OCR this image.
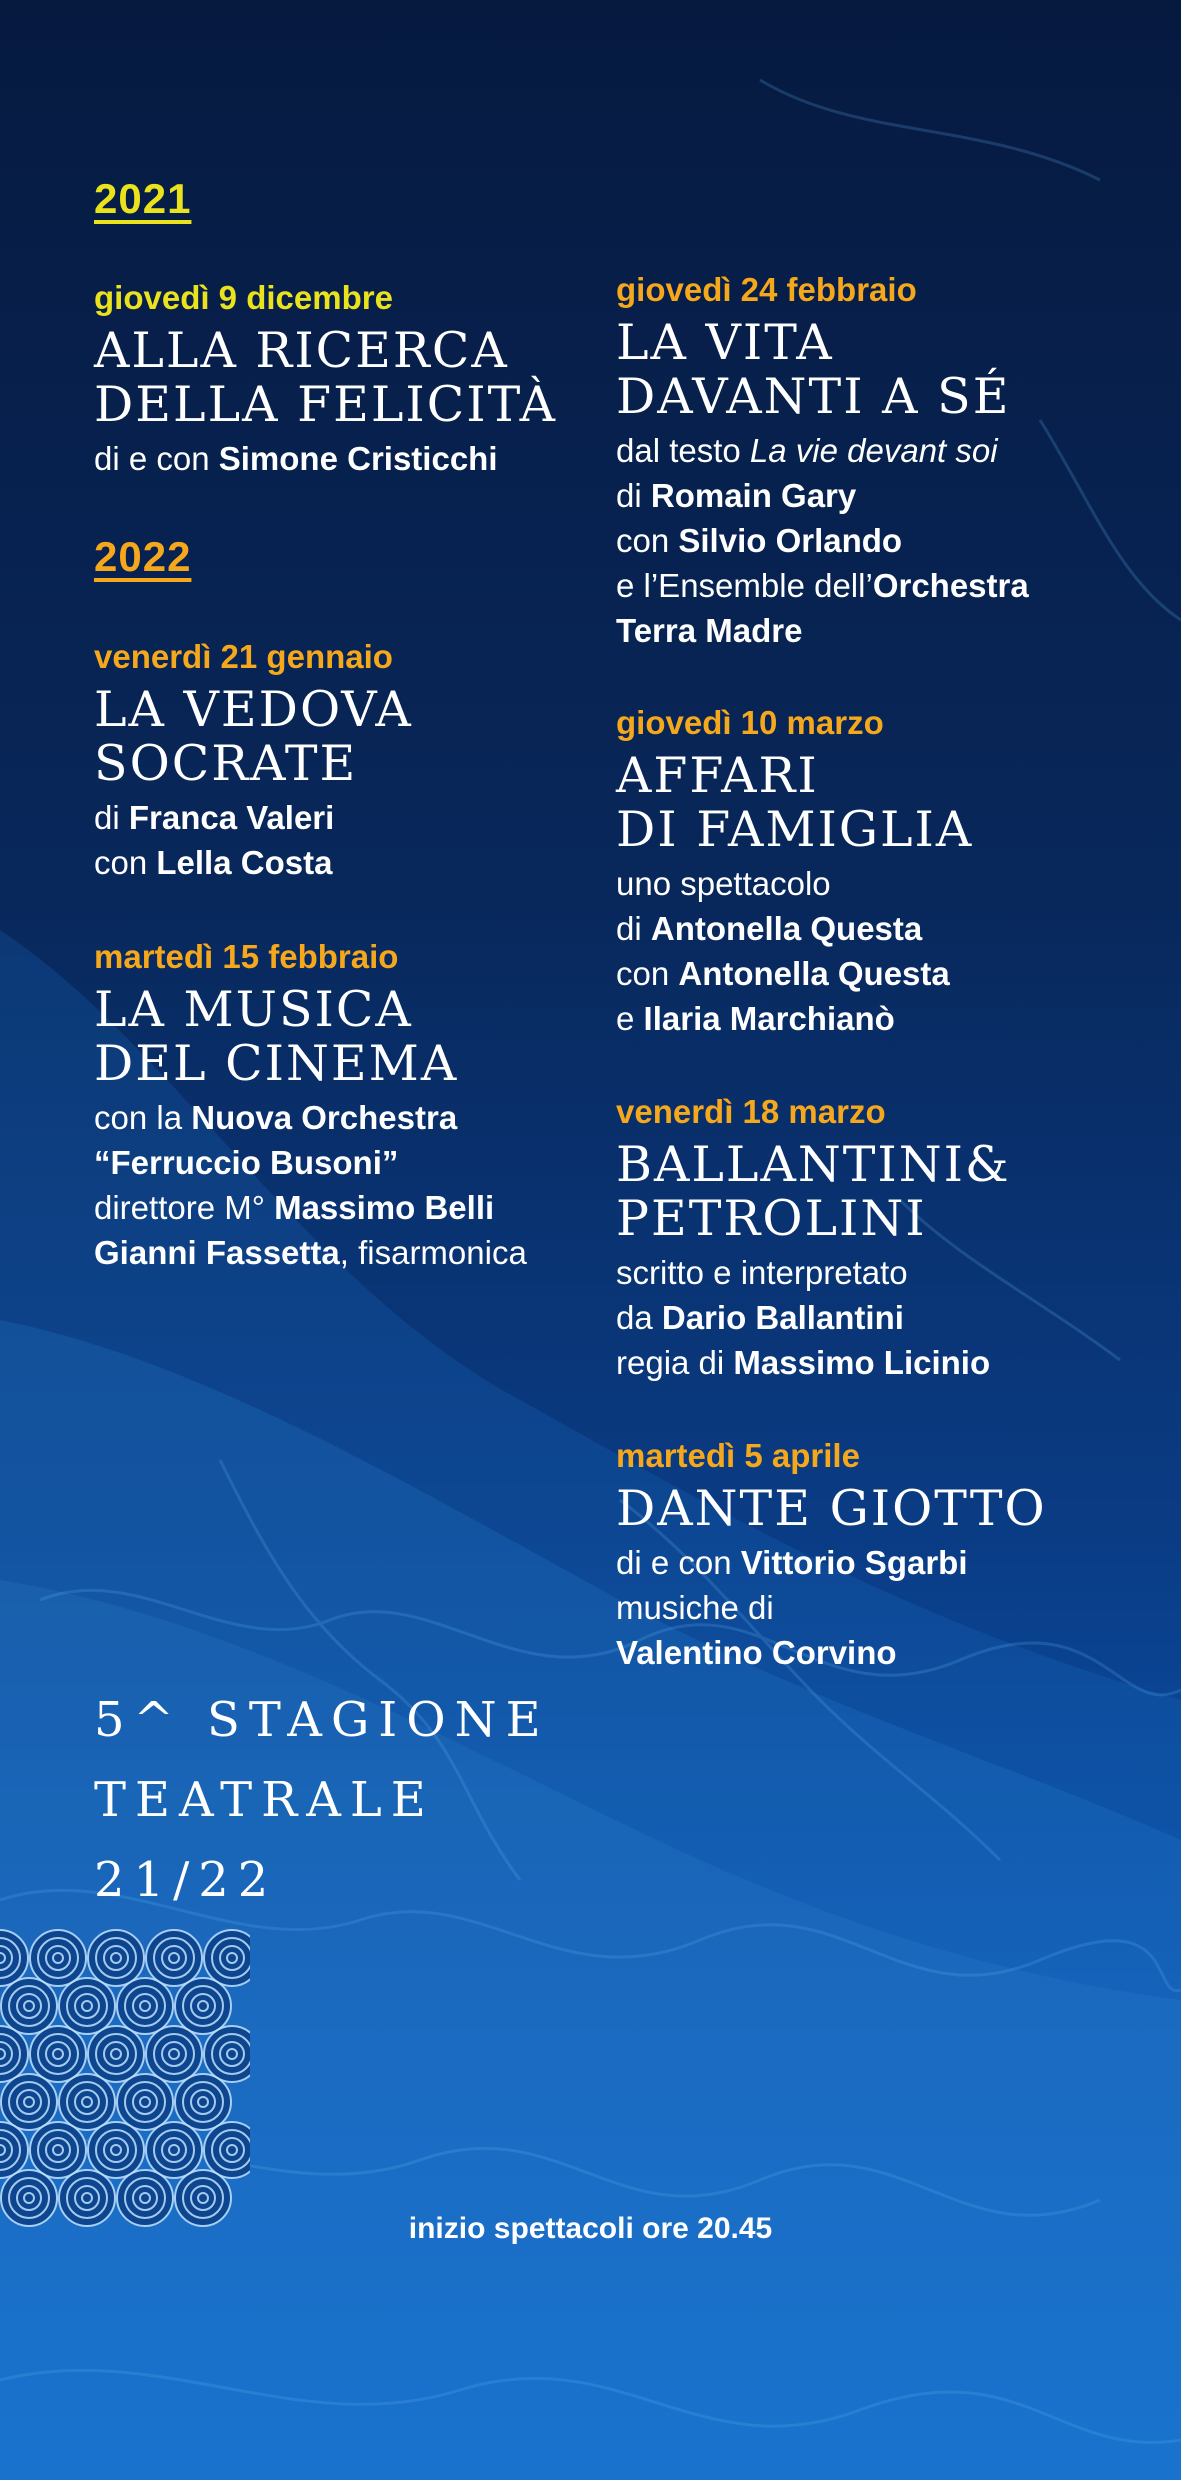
2021

giovedì 9 dicembre

ALLA RICERCA
DELLA FELICITÀ

di e con Simone Cristicchi

2022

venerdì 21 gennaio

LA VEDOVA
SOCRATE

di Franca Valeri

con Lella Costa

martedì 15 febbraio

LA MUSICA
DEL CINEMA

con la Nuova Orchestra

“Ferruccio Busoni”

direttore M° Massimo Belli

Gianni Fassetta, fisarmonica

giovedì 24 febbraio

LA VITA
DAVANTI A SÉ

dal testo La vie devant soi

di Romain Gary

con Silvio Orlando

e l’Ensemble dell’Orchestra

Terra Madre

giovedì 10 marzo

AFFARI
DI FAMIGLIA

uno spettacolo

di Antonella Questa

con Antonella Questa

e Ilaria Marchianò

venerdì 18 marzo

BALLANTINI&
PETROLINI

scritto e interpretato

da Dario Ballantini

regia di Massimo Licinio

martedì 5 aprile

DANTE GIOTTO

di e con Vittorio Sgarbi

musiche di

Valentino Corvino

5^ STAGIONE
TEATRALE
21/22

inizio spettacoli ore 20.45
